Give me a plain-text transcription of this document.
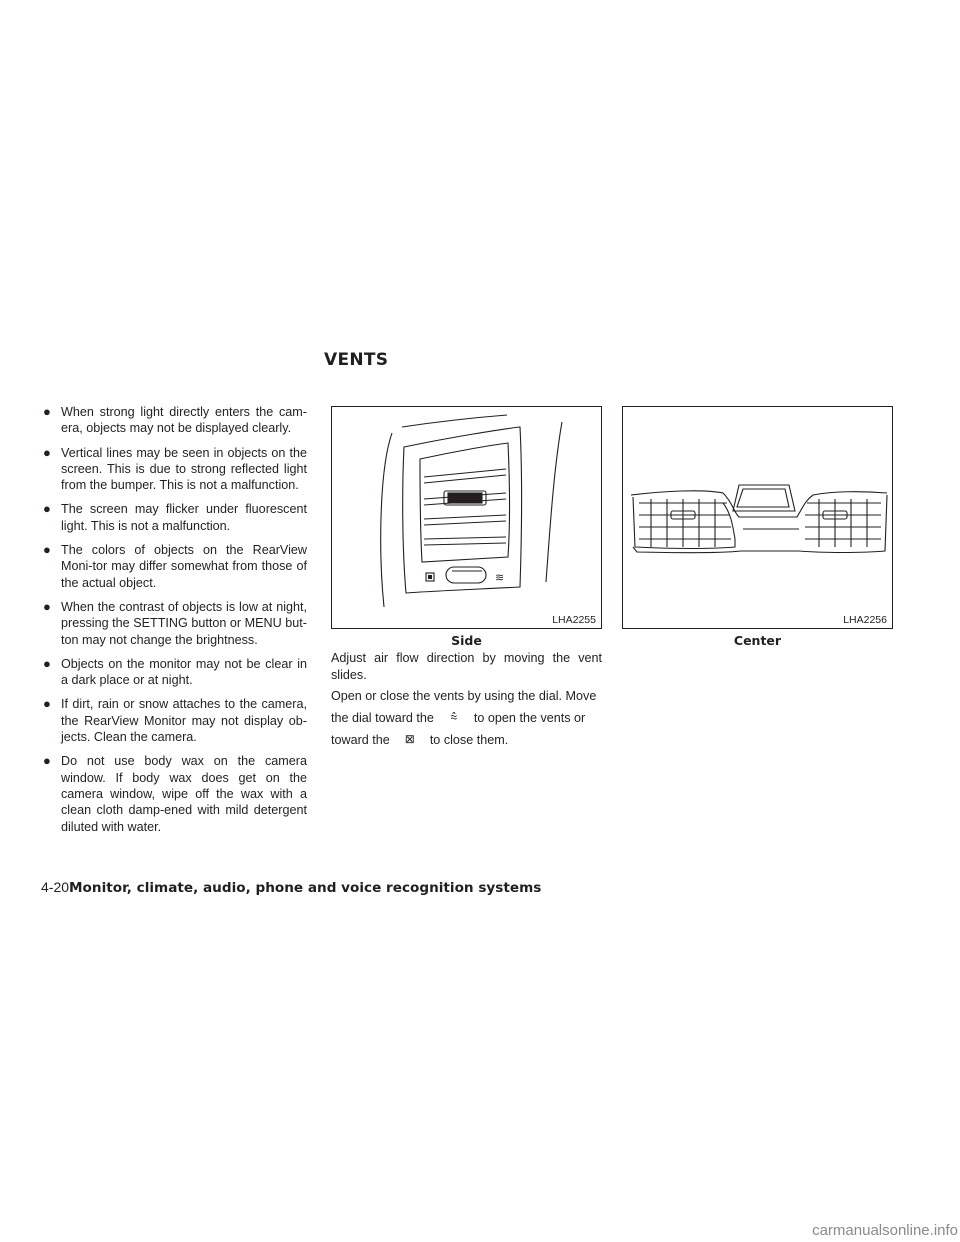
VENTS
● When strong light directly enters the cam-era, objects may not be displayed clearly.
● Vertical lines may be seen in objects on the screen. This is due to strong reflected light from the bumper. This is not a malfunction.
● The screen may flicker under fluorescent light. This is not a malfunction.
● The colors of objects on the RearView Moni-tor may differ somewhat from those of the actual object.
● When the contrast of objects is low at night, pressing the SETTING button or MENU but-ton may not change the brightness.
● Objects on the monitor may not be clear in a dark place or at night.
● If dirt, rain or snow attaches to the camera, the RearView Monitor may not display ob-jects. Clean the camera.
● Do not use body wax on the camera window. If body wax does get on the camera window, wipe off the wax with a clean cloth damp-ened with mild detergent diluted with water.
≋
LHA2255
Side
LHA2256
Center

Adjust air flow direction by moving the vent slides.

Open or close the vents by using the dial. Move the dial toward the ⩯ to open the vents or toward the ⊠ to close them.

4-20Monitor, climate, audio, phone and voice recognition systems
carmanualsonline.info
